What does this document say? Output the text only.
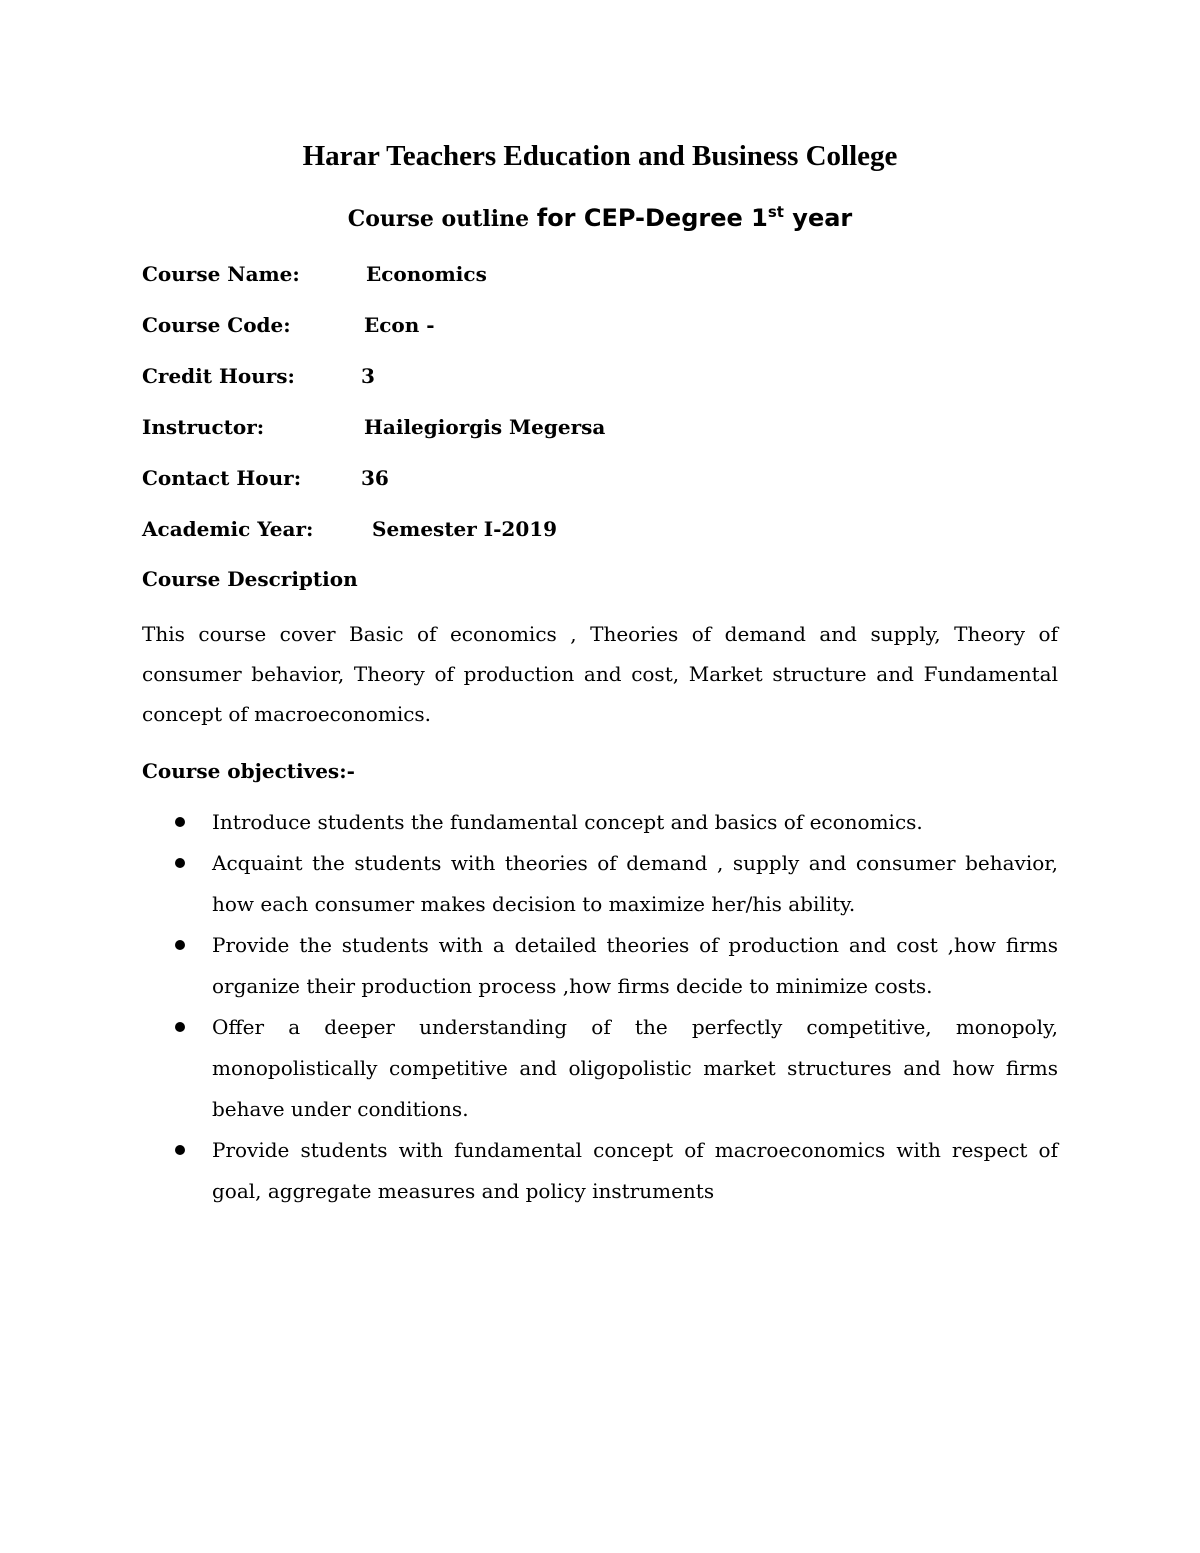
Harar Teachers Education and Business College
Course outline for CEP-Degree 1st year
Course Name:	Economics
Course Code:	Econ -
Credit Hours:	3
Instructor:	Hailegiorgis Megersa
Contact Hour:	36
Academic Year:	Semester I-2019
Course Description
This course cover Basic of economics , Theories of demand and supply, Theory of consumer behavior, Theory of production and cost, Market structure and Fundamental concept of macroeconomics.
Course objectives:-
Introduce students the fundamental concept and basics of economics.
Acquaint the students with theories of demand , supply and consumer behavior, how each consumer makes decision to maximize her/his ability.
Provide the students with a detailed theories of production and cost ,how firms organize their production process ,how firms decide to minimize costs.
Offer a deeper understanding of the perfectly competitive, monopoly, monopolistically competitive and oligopolistic market structures and how firms behave under conditions.
Provide students with fundamental concept of macroeconomics with respect of goal, aggregate measures and policy instruments
